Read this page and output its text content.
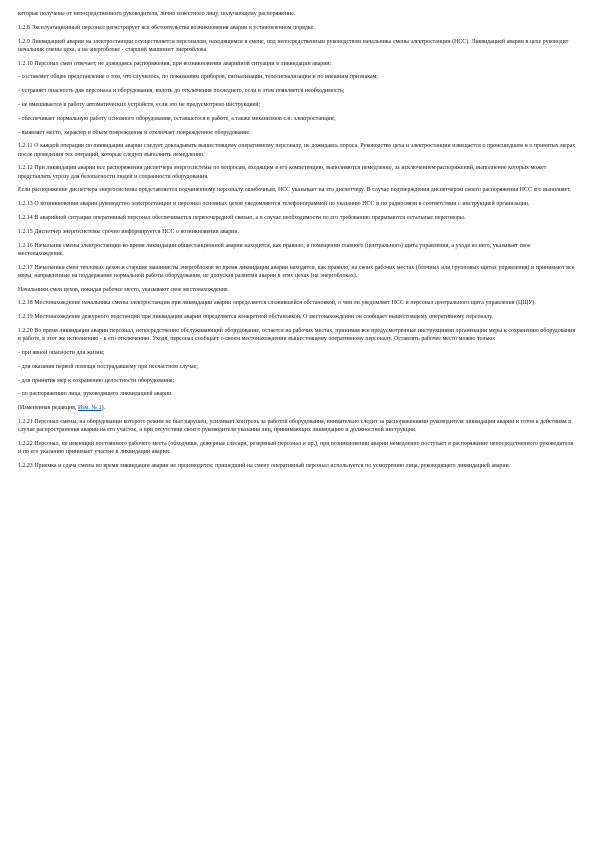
которые получены от непосредственного руководителя, лично известного лицу, получающему распоряжение.

1.2.8 Эксплуатационный персонал регистрирует все обстоятельства возникновения аварии в установленном порядке.

1.2.9 Ликвидацией аварии на электростанции осуществляется персоналом, находящимся в смене, под непосредственным руководством начальника смены электростанции (НСС). Ликвидацией аварии в цехе руководит начальник смены цеха, а на энергоблоке - старший машинист энергоблока.

1.2.10 Персонал смен отвечает, не дожидаясь распоряжения, при возникновении аварийной ситуации в ликвидации аварии:

- составляет общее представление о том, что случилось, по показаниям приборов, сигнализации, телесигнализации и по внешним признакам;

- устраняет опасность для персонала и оборудования, вплоть до отключения последнего, если в этом появляется необходимость;

- не вмешивается в работу автоматических устройств, если это не предусмотрено инструкцией;

- обеспечивает нормальную работу основного оборудования, оставшегося в работе, а также механизмов с.н. электростанции;

- выявляет место, характер и объем повреждения и отключает поврежденное оборудование.

1.2.11 О каждой операции по ликвидации аварии следует докладывать вышестоящему оперативному персоналу, не дожидаясь опроса. Руководство цеха и электростанции извещается о происшедшем и о принятых мерах после проведения тех операций, которые следует выполнить немедленно.

1.2.12 При ликвидации аварии все распоряжения диспетчера энергосистемы по вопросам, входящим в его компетенцию, выполняются немедленно, за исключением распоряжений, выполнение которых может представлять угрозу для безопасности людей и сохранности оборудования.

Если распоряжение диспетчера энергосистемы представляется подчиненному персоналу ошибочным, НСС указывает на это диспетчеру. В случае подтверждения диспетчером своего распоряжения НСС его выполняет.

1.2.13 О возникновении аварии руководство электростанции и персонал основных цехов уведомляются телефонограммой по указанию НСС и по радиосвязи в соответствии с инструкцией организации.

1.2.14 В аварийной ситуации оперативный персонал обеспечивается первоочередной связью, а в случае необходимости по его требованию прерываются остальные переговоры.

1.2.15 Диспетчер энергосистемы срочно информируется НСС о возникновении аварии.

1.2.16 Начальник смены электростанции во время ликвидации общестанционной аварии находится, как правило, в помещении главного (центрального) щита управления, а уходя из него, указывает свое местонахождение.

1.2.17 Начальники смен тепловых цехов и старшие машинисты энергоблоков во время ликвидации аварии находятся, как правило, на своих рабочих местах (блочных или групповых щитах управления) и принимают все меры, направленные на поддержание нормальной работы оборудования, не допуская развития аварии в этих цехах (на энергоблоках).

Начальники смен цехов, покидая рабочее место, указывают свое местонахождение.

1.2.18 Местонахождение начальника смены электростанции при ликвидации аварии определяется сложившейся обстановкой, о чем он уведомляет НСС и персонал центрального щита управления (ЦЩУ).

1.2.19 Местонахождение дежурного подстанции при ликвидации аварии определяется конкретной обстановкой. О местонахождении он сообщает вышестоящему оперативному персоналу.

1.2.20 Во время ликвидации аварии персонал, непосредственно обслуживающий оборудование, остается на рабочих местах, принимая все предусмотренные инструкциями организации меры к сохранению оборудования в работе, в этот же исполнению - к его отключению. Уходя, персонал сообщает о своем местонахождении вышестоящему оперативному персоналу. Оставлять рабочее место можно только:

- при явной опасности для жизни;

- для оказания первой помощи пострадавшему при несчастном случае;

- для принятия мер к сохранению целостности оборудования;

- по распоряжению лица, руководящего ликвидацией аварии.

(Измененная редакция, Изм. № 1).

1.2.21 Персонал смены, на оборудовании которого режим не был нарушен, усиливает контроль за работой оборудования, внимательно следит за распоряжениями руководителя ликвидации аварии и готов к действиям в случае распространения аварии на его участок, а при отсутствии своего руководителя указания лиц, принимающих ликвидацию и должностной инструкции.

1.2.22 Персонал, не имеющий постоянного рабочего места (обходчики, дежурные слесари, резервный персонал и пр.), при возникновении аварии немедленно поступает в распоряжение непосредственного руководителя и по его указанию принимает участие в ликвидации аварии.

1.2.23 Приемка и сдача смены во время ликвидации аварии не производится; пришедший на смену оперативный персонал используется по усмотрению лица, руководящего ликвидацией аварии.
